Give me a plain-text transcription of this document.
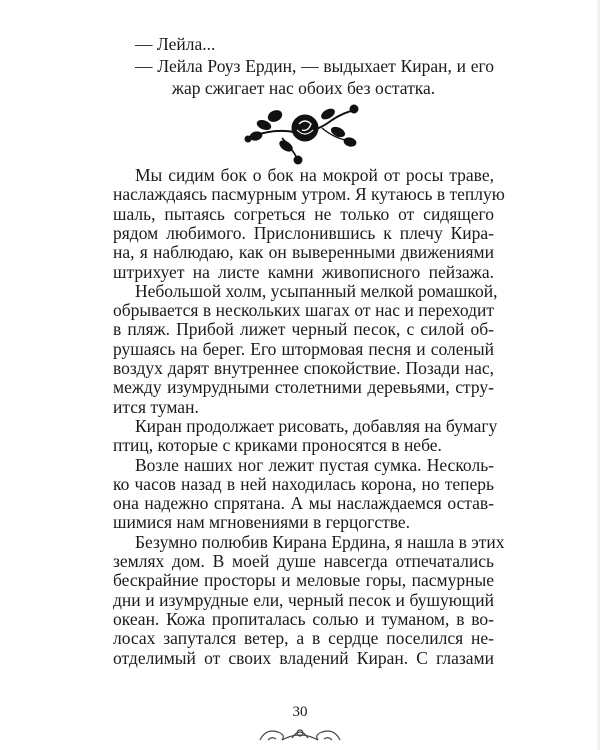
— Лейла...
— Лейла Роуз Ердин, — выдыхает Киран, и его
жар сжигает нас обоих без остатка.
Мы сидим бок о бок на мокрой от росы траве,
наслаждаясь пасмурным утром. Я кутаюсь в теплую
шаль, пытаясь согреться не только от сидящего
рядом любимого. Прислонившись к плечу Кира-
на, я наблюдаю, как он выверенными движениями
штрихует на листе камни живописного пейзажа.
Небольшой холм, усыпанный мелкой ромашкой,
обрывается в нескольких шагах от нас и переходит
в пляж. Прибой лижет черный песок, с силой об-
рушаясь на берег. Его штормовая песня и соленый
воздух дарят внутреннее спокойствие. Позади нас,
между изумрудными столетними деревьями, стру-
ится туман.
Киран продолжает рисовать, добавляя на бумагу
птиц, которые с криками проносятся в небе.
Возле наших ног лежит пустая сумка. Несколь-
ко часов назад в ней находилась корона, но теперь
она надежно спрятана. А мы наслаждаемся остав-
шимися нам мгновениями в герцогстве.
Безумно полюбив Кирана Ердина, я нашла в этих
землях дом. В моей душе навсегда отпечатались
бескрайние просторы и меловые горы, пасмурные
дни и изумрудные ели, черный песок и бушующий
океан. Кожа пропиталась солью и туманом, в во-
лосах запутался ветер, а в сердце поселился не-
30
отделимый от своих владений Киран. С глазами
